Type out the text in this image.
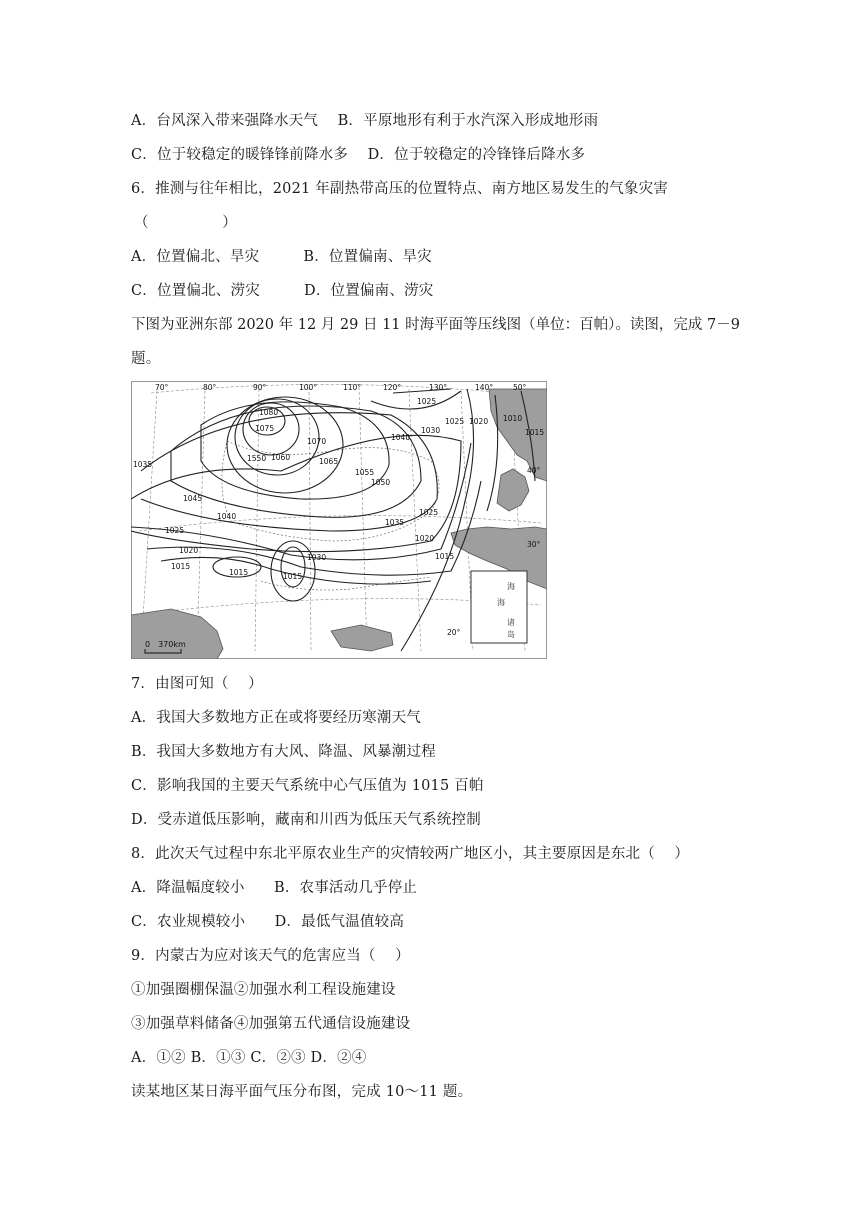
A．台风深入带来强降水天气　 B．平原地形有利于水汽深入形成地形雨
C．位于较稳定的暖锋锋前降水多　 D．位于较稳定的冷锋锋后降水多
6．推测与往年相比，2021 年副热带高压的位置特点、南方地区易发生的气象灾害
（　　　　　）
A．位置偏北、旱灾　　　B．位置偏南、旱灾
C．位置偏北、涝灾　　　D．位置偏南、涝灾
下图为亚洲东部 2020 年 12 月 29 日 11 时海平面等压线图（单位：百帕）。读图，完成 7－9
题。
海
海
诸
岛
70°	80°	90°	100°	110°	120°	130°	140°	50°
40°
30°
20°
1080
1075
1070
1065
1060
1550
1055
1050
1045
1040
1040
1035
1035
1030
1030
1025
1025
1025
1020
1020
1015
1015	1015
1015
1010
1015
1020
1025
0　370km
7．由图可知（　 ）
A．我国大多数地方正在或将要经历寒潮天气
B．我国大多数地方有大风、降温、风暴潮过程
C．影响我国的主要天气系统中心气压值为 1015 百帕
D．受赤道低压影响，藏南和川西为低压天气系统控制
8．此次天气过程中东北平原农业生产的灾情较两广地区小，其主要原因是东北（　 ）
A．降温幅度较小　　B．农事活动几乎停止
C．农业规模较小　　D．最低气温值较高
9．内蒙古为应对该天气的危害应当（　 ）
①加强圈棚保温②加强水利工程设施建设
③加强草料储备④加强第五代通信设施建设
A．①② B．①③ C．②③ D．②④
读某地区某日海平面气压分布图，完成 10～11 题。
